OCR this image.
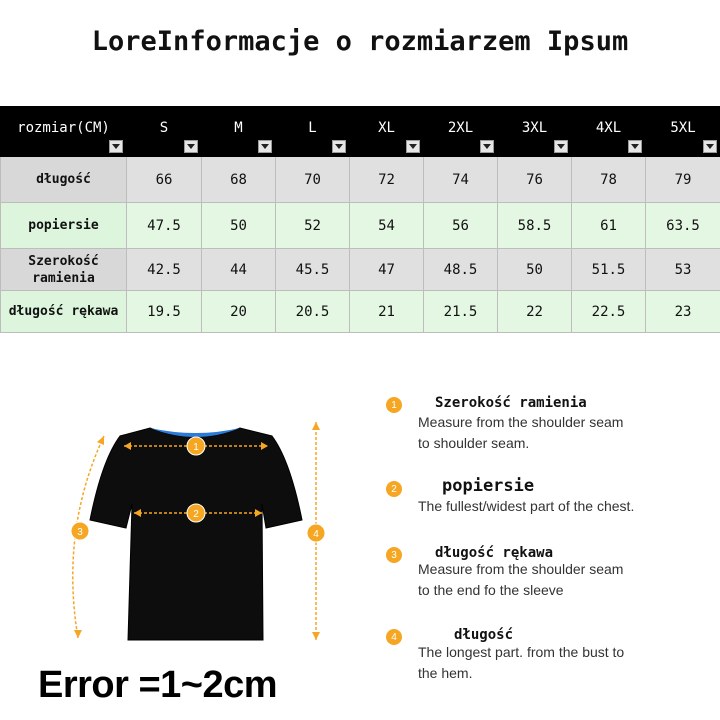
LoreInformacje o rozmiarzem Ipsum
rozmiar(CM)	S	M	L	XL	2XL	3XL	4XL	5XL

długość	66	68	70	72	74	76	78	79
popiersie	47.5	50	52	54	56	58.5	61	63.5
Szerokość ramienia	42.5	44	45.5	47	48.5	50	51.5	53
długość rękawa	19.5	20	20.5	21	21.5	22	22.5	23
1
2
3	4
Error =1~2cm
1	Szerokość ramienia
Measure from the shoulder seam
to shoulder seam.
2	popiersie
The fullest/widest part of the chest.
3	długość rękawa
Measure from the shoulder seam
to the end fo the sleeve
4	długość
The longest part. from the bust to
the hem.
